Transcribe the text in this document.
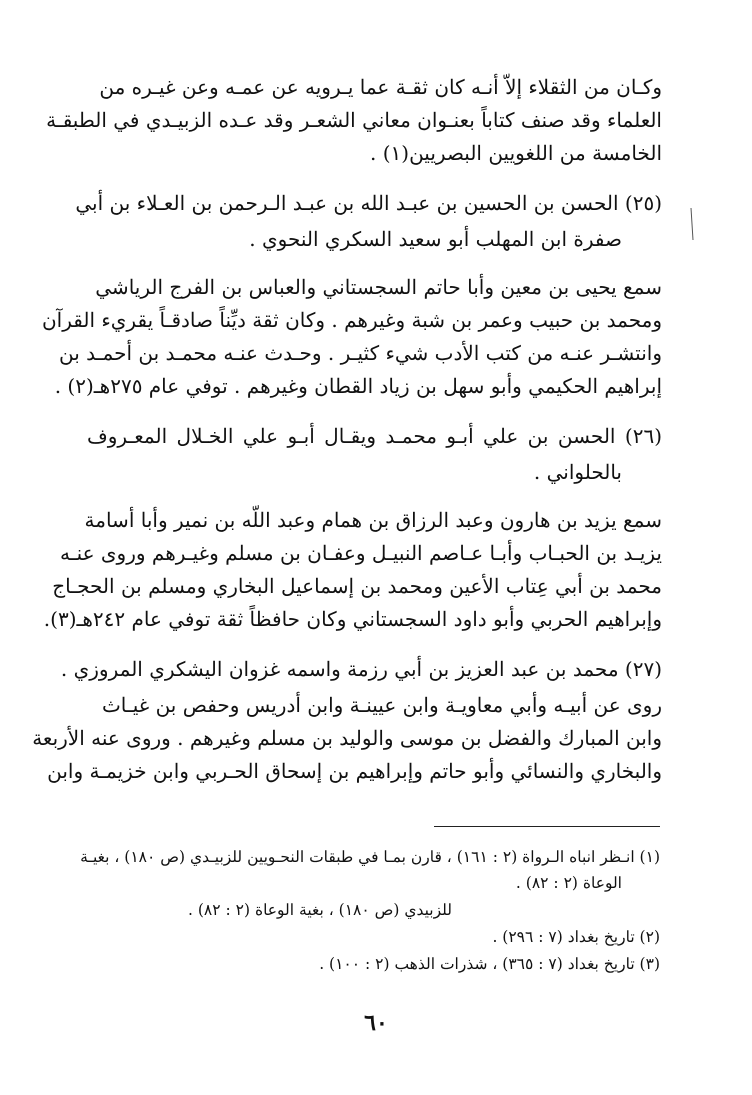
وكـان من الثقلاء إلاّ أنـه كان ثقـة عما يـرويه عن عمـه وعن غيـره من
العلماء وقد صنف كتاباً بعنـوان معاني الشعـر وقد عـده الزبيـدي في الطبقـة
الخامسة من اللغويين البصريين(١) .
(٢٥) الحسن بن الحسين بن عبـد الله بن عبـد الـرحمن بن العـلاء بن أبي
صفرة ابن المهلب أبو سعيد السكري النحوي .
سمع يحيى بن معين وأبا حاتم السجستاني والعباس بن الفرج الرياشي
ومحمد بن حبيب وعمر بن شبة وغيرهم . وكان ثقة ديِّناً صادقـاً يقريء القرآن
وانتشـر عنـه من كتب الأدب شيء كثيـر . وحـدث عنـه محمـد بن أحمـد بن
إبراهيم الحكيمي وأبو سهل بن زياد القطان وغيرهم . توفي عام ٢٧٥هـ(٢) .
(٢٦) الحسن بن علي أبـو محمـد ويقـال أبـو علي الخـلال المعـروف
بالحلواني .
سمع يزيد بن هارون وعبد الرزاق بن همام وعبد اللّه بن نمير وأبا أسامة
يزيـد بن الحبـاب وأبـا عـاصم النبيـل وعفـان بن مسلم وغيـرهم وروى عنـه
محمد بن أبي عِتاب الأعين ومحمد بن إسماعيل البخاري ومسلم بن الحجـاج
وإبراهيم الحربي وأبو داود السجستاني وكان حافظاً ثقة توفي عام ٢٤٢هـ(٣).
(٢٧) محمد بن عبد العزيز بن أبي رزمة واسمه غزوان اليشكري المروزي .
روى عن أبيـه وأبي معاويـة وابن عيينـة وابن أدريس وحفص بن غيـاث
وابن المبارك والفضل بن موسى والوليد بن مسلم وغيرهم . وروى عنه الأربعة
والبخاري والنسائي وأبو حاتم وإبراهيم بن إسحاق الحـربي وابن خزيمـة وابن
(١) انـظر انباه الـرواة (٢ : ١٦١) ، قارن بمـا في طبقات النحـويين للزبيـدي (ص ١٨٠) ، بغيـة
الوعاة (٢ : ٨٢) .
للزبيدي (ص ١٨٠) ، بغية الوعاة (٢ : ٨٢) .
(٢) تاريخ بغداد (٧ : ٢٩٦) .
(٣) تاريخ بغداد (٧ : ٣٦٥) ، شذرات الذهب (٢ : ١٠٠) .
٦٠
